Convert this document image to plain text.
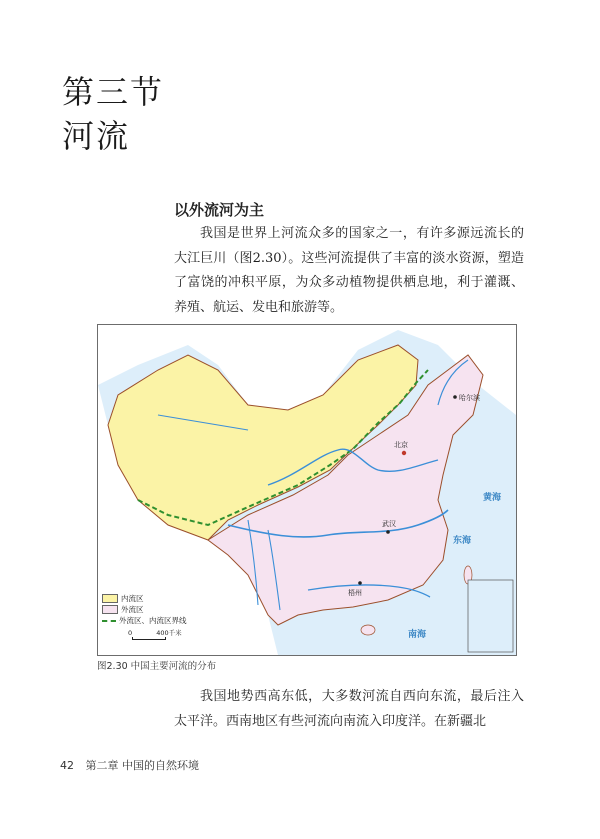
第三节
河流
以外流河为主
我国是世界上河流众多的国家之一，有许多源远流长的大江巨川（图2.30）。这些河流提供了丰富的淡水资源，塑造了富饶的冲积平原，为众多动植物提供栖息地，利于灌溉、养殖、航运、发电和旅游等。
北京
哈尔滨
武汉
梧州
黄海
东海
南海
内流区
外流区
外流区、内流区界线
0	400千米
图2.30 中国主要河流的分布
我国地势西高东低，大多数河流自西向东流，最后注入太平洋。西南地区有些河流向南流入印度洋。在新疆北
42 第二章 中国的自然环境
